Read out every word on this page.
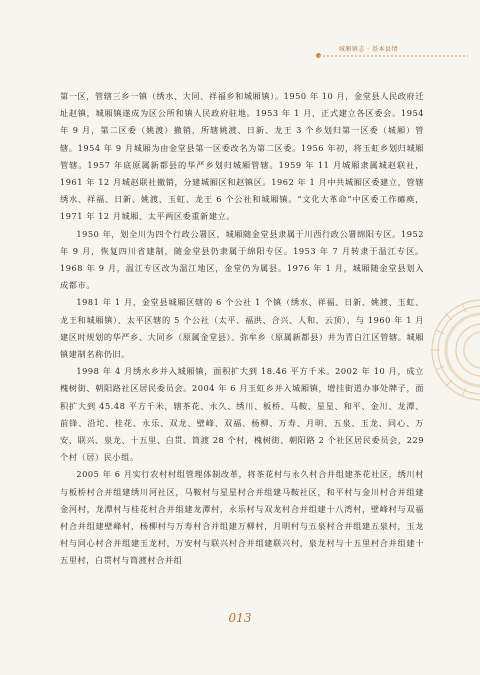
城厢镇志 · 基本县情

第一区，管辖三乡一镇（绣水、大同、祥福乡和城厢镇）。1950 年 10 月，金堂县人民政府迁址赵镇，城厢镇遂成为区公所和镇人民政府驻地。1953 年 1 月，正式建立各区委会。1954 年 9 月，第二区委（姚渡）撤销，所辖姚渡、日新、龙王 3 个乡划归第一区委（城厢）管辖。1954 年 9 月城厢为由金堂县第一区委改名为第二区委。1956 年初，将玉虹乡划归城厢管辖。1957 年底原属新都县的华严乡划归城厢管辖。1959 年 11 月城厢隶属城赵联社，1961 年 12 月城赵联社撤销，分建城厢区和赵镇区。1962 年 1 月中共城厢区委建立，管辖绣水、祥福、日新、姚渡、玉虹、龙王 6 个公社和城厢镇。“文化大革命”中区委工作瘫痪，1971 年 12 月城厢、太平两区委重新建立。

1950 年，划全川为四个行政公署区，城厢随金堂县隶属于川西行政公署绵阳专区。1952 年 9 月，恢复四川省建制，随金堂县仍隶属于绵阳专区。1953 年 7 月转隶于温江专区。1968 年 9 月，温江专区改为温江地区，金堂仍为属县。1976 年 1 月，城厢随金堂县划入成都市。

1981 年 1 月，金堂县城厢区辖的 6 个公社 1 个镇（绣水、祥福、日新、姚渡、玉虹、龙王和城厢镇）、太平区辖的 5 个公社（太平、福洪、合兴、人和、云顶），与 1960 年 1 月建区时规划的华严乡、大同乡（原属金堂县）、弥牟乡（原属新都县）并为青白江区管辖。城厢镇建制名称仍旧。

1998 年 4 月绣水乡并入城厢镇，面积扩大到 18.46 平方千米。2002 年 10 月，成立槐树街、朝阳路社区居民委员会。2004 年 6 月玉虹乡并入城厢镇，增挂街道办事处牌子，面积扩大到 45.48 平方千米，辖茶花、永久、绣川、板桥、马鞍、星星、和平、金川、龙潭、前锋、沿坨、桂花、永乐、双龙、壁峰、双福、杨柳、万寿、月明、五泉、玉龙、同心、万安、联兴、泉龙、十五里、白贯、筒渡 28 个村，槐树街、朝阳路 2 个社区居民委员会，229 个村（居）民小组。

2005 年 6 月实行农村村组管理体制改革，将茶花村与永久村合并组建茶花社区，绣川村与板桥村合并组建绣川河社区，马鞍村与星星村合并组建马鞍社区，和平村与金川村合并组建金河村，龙潭村与桂花村合并组建龙潭村，永乐村与双龙村合并组建十八湾村，壁峰村与双福村合并组建壁峰村，杨柳村与万寿村合并组建万柳村，月明村与五泉村合并组建五泉村，玉龙村与同心村合并组建玉龙村，万安村与联兴村合并组建联兴村，泉龙村与十五里村合并组建十五里村，白贯村与筒渡村合并组

013
